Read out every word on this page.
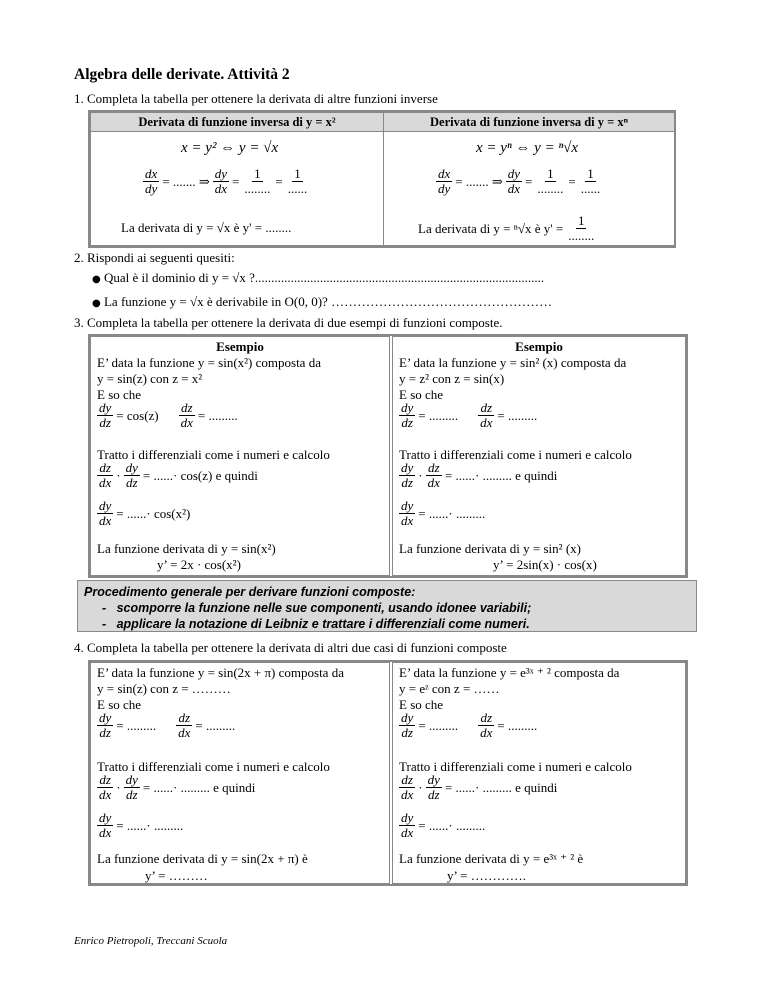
Algebra delle derivate. Attività 2
1. Completa la tabella per ottenere la derivata di altre funzioni inverse
Derivata di funzione inversa di y = x²	Derivata di funzione inversa di y = xⁿ
x = y² ⇔ y = √x
$\frac{dx}{dy}$ = ....... ⇒ $\frac{dy}{dx} = \frac{1}{........} = \frac{1}{......}$
La derivata di y = √x è y' = ........
x = yⁿ ⇔ y = ⁿ√x
$\frac{dx}{dy}$ = ....... ⇒ $\frac{dy}{dx} = \frac{1}{........} = \frac{1}{......}$
La derivata di y = ⁿ√x è $y' = \frac{1}{........}$
2. Rispondi ai seguenti quesiti:
● Qual è il dominio di y = √x ?.........................................................................................
● La funzione y = √x è derivabile in O(0, 0)? ……………………………………………
3. Completa la tabella per ottenere la derivata di due esempi di funzioni composte.
Esempio
E’ data la funzione y = sin(x²) composta da
y = sin(z) con z = x²
E so che
$\frac{dy}{dz} = \cos(z) \frac{dz}{dx}$ = .........
Tratto i differenziali come i numeri e calcolo
$\frac{dz}{dx} \cdot \frac{dy}{dz}$ = ......· cos(z) e quindi
$\frac{dy}{dx}$ = ......· cos(x²)
La funzione derivata di y = sin(x²)
y’ = 2x · cos(x²)
Esempio
E’ data la funzione y = sin² (x) composta da
y = z² con z = sin(x)
E so che
$\frac{dy}{dz}$ = ......... $\frac{dz}{dx}$ = .........
Tratto i differenziali come i numeri e calcolo
$\frac{dy}{dz} \cdot \frac{dz}{dx}$ = ......· ......... e quindi
$\frac{dy}{dx}$ = ......· .........
La funzione derivata di y = sin² (x)
y’ = 2sin(x) · cos(x)
Procedimento generale per derivare funzioni composte:
-   scomporre la funzione nelle sue componenti, usando idonee variabili;
-   applicare la notazione di Leibniz e trattare i differenziali come numeri.
4. Completa la tabella per ottenere la derivata di altri due casi di funzioni composte
E’ data la funzione y = sin(2x + π) composta da
y = sin(z) con z = ………
E so che
$\frac{dy}{dz}$ = ......... $\frac{dz}{dx}$ = .........
Tratto i differenziali come i numeri e calcolo
$\frac{dz}{dx} \cdot \frac{dy}{dz}$ = ......· ......... e quindi
$\frac{dy}{dx}$ = ......· .........
La funzione derivata di y = sin(2x + π) è
y’ = ………
E’ data la funzione y = e³ˣ ⁺ ² composta da
y = eᶻ con z = ……
E so che
$\frac{dy}{dz}$ = ......... $\frac{dz}{dx}$ = .........
Tratto i differenziali come i numeri e calcolo
$\frac{dz}{dx} \cdot \frac{dy}{dz}$ = ......· ......... e quindi
$\frac{dy}{dx}$ = ......· .........
La funzione derivata di y = e³ˣ ⁺ ² è
y’ = ………….
Enrico Pietropoli, Treccani Scuola
